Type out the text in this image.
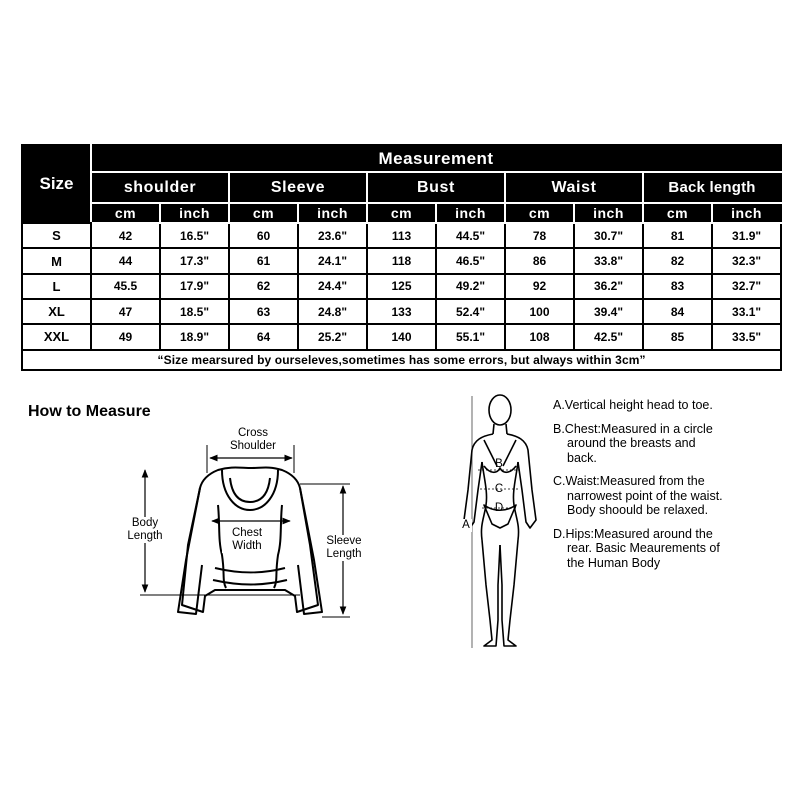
Size	Measurement									
	shoulder		Sleeve		Bust		Waist		Back length	
	cm	inch	cm	inch	cm	inch	cm	inch	cm	inch
S	42	16.5"	60	23.6"	113	44.5"	78	30.7"	81	31.9"
M	44	17.3"	61	24.1"	118	46.5"	86	33.8"	82	32.3"
L	45.5	17.9"	62	24.4"	125	49.2"	92	36.2"	83	32.7"
XL	47	18.5"	63	24.8"	133	52.4"	100	39.4"	84	33.1"
XXL	49	18.9"	64	25.2"	140	55.1"	108	42.5"	85	33.5"
“Size mearsured by ourseleves,sometimes has some errors, but always within 3cm”										
How to Measure
Cross Shoulder
Body Length	Chest Width	Sleeve Length
A
B
C
D
A.Vertical height head to toe.
B.Chest:Measured in a circle around the breasts and back.
C.Waist:Measured from the narrowest point of the waist. Body shoould be relaxed.
D.Hips:Measured around the rear. Basic Meaurements of the Human Body
